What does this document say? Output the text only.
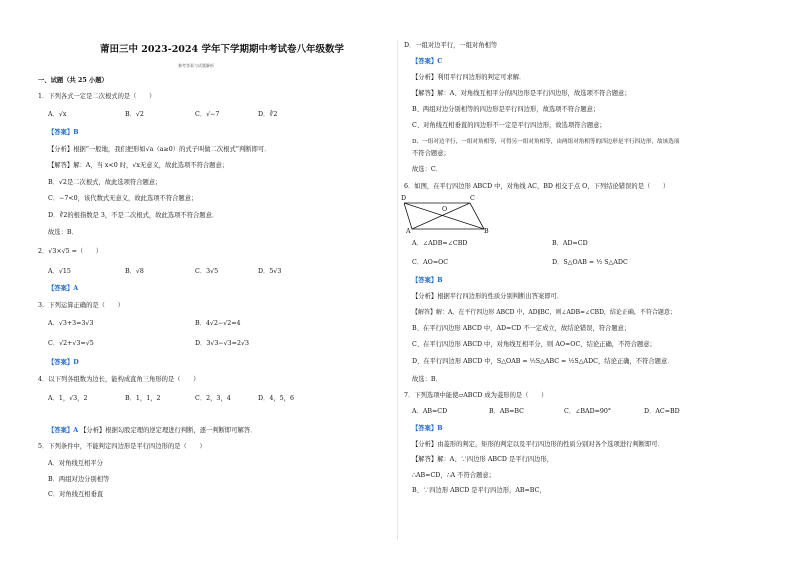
莆田三中 2023-2024 学年下学期期中考试卷八年级数学
参考答案与试题解析
一、试题（共 25 小题）
1．下列各式一定是二次根式的是（　　）
A．√x	B．√2	C．√−7	D．∛2
【答案】B
【分析】根据“一般地，我们把形如√a（a≥0）的式子叫做二次根式”判断即可．
【解答】解：A，当 x<0 时，√x无意义，故此选项不符合题意；
B．√2是二次根式，故此选项符合题意；
C．−7<0，该代数式无意义，故此选项不符合题意；
D．∛2的根指数是 3，不是二次根式，故此选项不符合题意．
故选：B．
2．√3×√5 =（　　）
A．√15	B．√8	C．3√5	D．5√3
【答案】A
3．下列运算正确的是（　　）
A．√3+3=3√3	B．4√2−√2=4
C．√2+√3=√5	D．3√3−√3=2√3
【答案】D
4．以下列各组数为边长，能构成直角三角形的是（　　）
A．1，√3，2	B．1，1，2	C．2，3，4	D．4，5，6
【答案】A 【分析】根据勾股定理的逆定理进行判断，逐一判断即可解答．
5．下列条件中，不能判定四边形是平行四边形的是（　　）
A．对角线互相平分
B．两组对边分别相等
C．对角线互相垂直
D．一组对边平行，一组对角相等
【答案】C
【分析】利用平行四边形的判定可求解．
【解答】解：A、对角线互相平分的四边形是平行四边形，故选项不符合题意；
B、两组对边分别相等的四边形是平行四边形，故选项不符合题意；
C、对角线互相垂直的四边形不一定是平行四边形，故选项符合题意；
D、一组对边平行，一组对角相等，可得另一组对角相等，由两组对角相等的四边形是平行四边形，故该选项
不符合题意；
故选：C．
6．如图，在平行四边形 ABCD 中，对角线 AC，BD 相交于点 O，下列结论错误的是（　　）
D	C
O
A	B
A．∠ADB=∠CBD	B．AD=CD
C．AO=OC	D．S△OAB = ½ S△ADC
【答案】B
【分析】根据平行四边形的性质分别判断出答案即可．
【解答】解：A、在平行四边形 ABCD 中，AD∥BC，则∠ADB=∠CBD，结论正确，不符合题意；
B、在平行四边形 ABCD 中，AD=CD 不一定成立，故结论错误，符合题意；
C、在平行四边形 ABCD 中，对角线互相平分，则 AO=OC，结论正确，不符合题意；
D、在平行四边形 ABCD 中，S△OAB = ½S△ABC = ½S△ADC，结论正确，不符合题意．
故选：B．
7．下列选项中能使▱ABCD 成为菱形的是（　　）
A．AB=CD	B．AB=BC	C．∠BAD=90°	D．AC=BD
【答案】B
【分析】由菱形的判定，矩形的判定以及平行四边形的性质分别对各个选项进行判断即可．
【解答】解：A、∵四边形 ABCD 是平行四边形，
∴AB=CD，∴A 不符合题意；
B、∵四边形 ABCD 是平行四边形，AB=BC，
